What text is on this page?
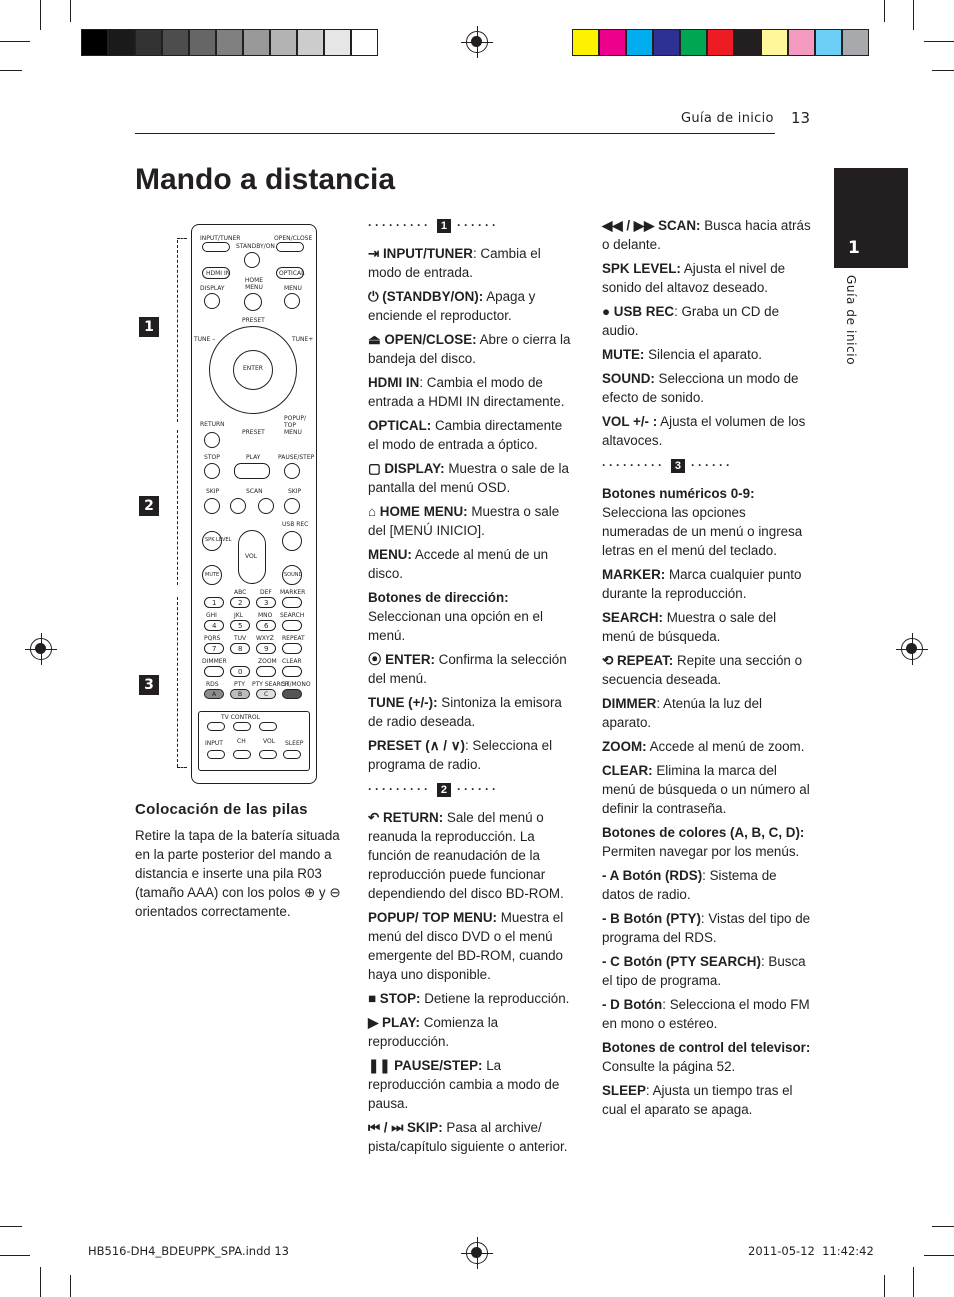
Guía de inicio 13
Mando a distancia
1
Guía de inicio
1
2
3
INPUT/TUNER	OPEN/CLOSE
STANDBY/ON
HDMI IN	OPTICAL
DISPLAY
HOME MENU	MENU
PRESET
TUNE –	TUNE+
ENTER
RETURN
PRESET
POPUP/ TOP MENU
STOP	PLAY	PAUSE/STEP
SKIP	SCAN	SKIP
USB REC
SPK LEVEL
VOL
MUTE	SOUND
ABC DEF MARKER
1	2	3
GHI	JKL MNO SEARCH
4	5	6
PQRS TUV WXYZ REPEAT
7	8	9
DIMMER	ZOOM CLEAR
0
RDS	PTY PTY SEARCH
ST/MONO
A	B	C
TV CONTROL
INPUT CH	VOL SLEEP
Colocación de las pilas
Retire la tapa de la batería situada en la parte posterior del mando a distancia e inserte una pila R03 (tamaño AAA) con los polos ⊕ y ⊖ orientados correctamente.
········· 1 ······

⇥ INPUT/TUNER: Cambia el modo de entrada.

⏻ (STANDBY/ON): Apaga y enciende el reproductor.

⏏ OPEN/CLOSE: Abre o cierra la bandeja del disco.

HDMI IN: Cambia el modo de entrada a HDMI IN directamente.

OPTICAL: Cambia directamente el modo de entrada a óptico.

▢ DISPLAY: Muestra o sale de la pantalla del menú OSD.

⌂ HOME MENU: Muestra o sale del [MENÚ INICIO].

MENU: Accede al menú de un disco.

Botones de dirección: Seleccionan una opción en el menú.

⦿ ENTER: Confirma la selección del menú.

TUNE (+/-): Sintoniza la emisora de radio deseada.

PRESET (∧ / ∨): Selecciona el programa de radio.

········· 2 ······

↶ RETURN: Sale del menú o reanuda la reproducción. La función de reanudación de la reproducción puede funcionar dependiendo del disco BD-ROM.

POPUP/ TOP MENU: Muestra el menú del disco DVD o el menú emergente del BD-ROM, cuando haya uno disponible.

■ STOP: Detiene la reproducción.

▶ PLAY: Comienza la reproducción.

❚❚ PAUSE/STEP: La reproducción cambia a modo de pausa.

⏮ / ⏭ SKIP: Pasa al archive/ pista/capítulo siguiente o anterior.

◀◀ / ▶▶ SCAN: Busca hacia atrás o delante.

SPK LEVEL: Ajusta el nivel de sonido del altavoz deseado.

● USB REC: Graba un CD de audio.

MUTE: Silencia el aparato.

SOUND: Selecciona un modo de efecto de sonido.

VOL +/- : Ajusta el volumen de los altavoces.

········· 3 ······

Botones numéricos 0-9: Selecciona las opciones numeradas de un menú o ingresa letras en el menú del teclado.

MARKER: Marca cualquier punto durante la reproducción.

SEARCH: Muestra o sale del menú de búsqueda.

⟲ REPEAT: Repite una sección o secuencia deseada.

DIMMER: Atenúa la luz del aparato.

ZOOM: Accede al menú de zoom.

CLEAR: Elimina la marca del menú de búsqueda o un número al definir la contraseña.

Botones de colores (A, B, C, D): Permiten navegar por los menús.

- A Botón (RDS): Sistema de datos de radio.

- B Botón (PTY): Vistas del tipo de programa del RDS.

- C Botón (PTY SEARCH): Busca el tipo de programa.

- D Botón: Selecciona el modo FM en mono o estéreo.

Botones de control del televisor: Consulte la página 52.

SLEEP: Ajusta un tiempo tras el cual el aparato se apaga.

HB516-DH4_BDEUPPK_SPA.indd 13	2011-05-12 ￼ 11:42:42
